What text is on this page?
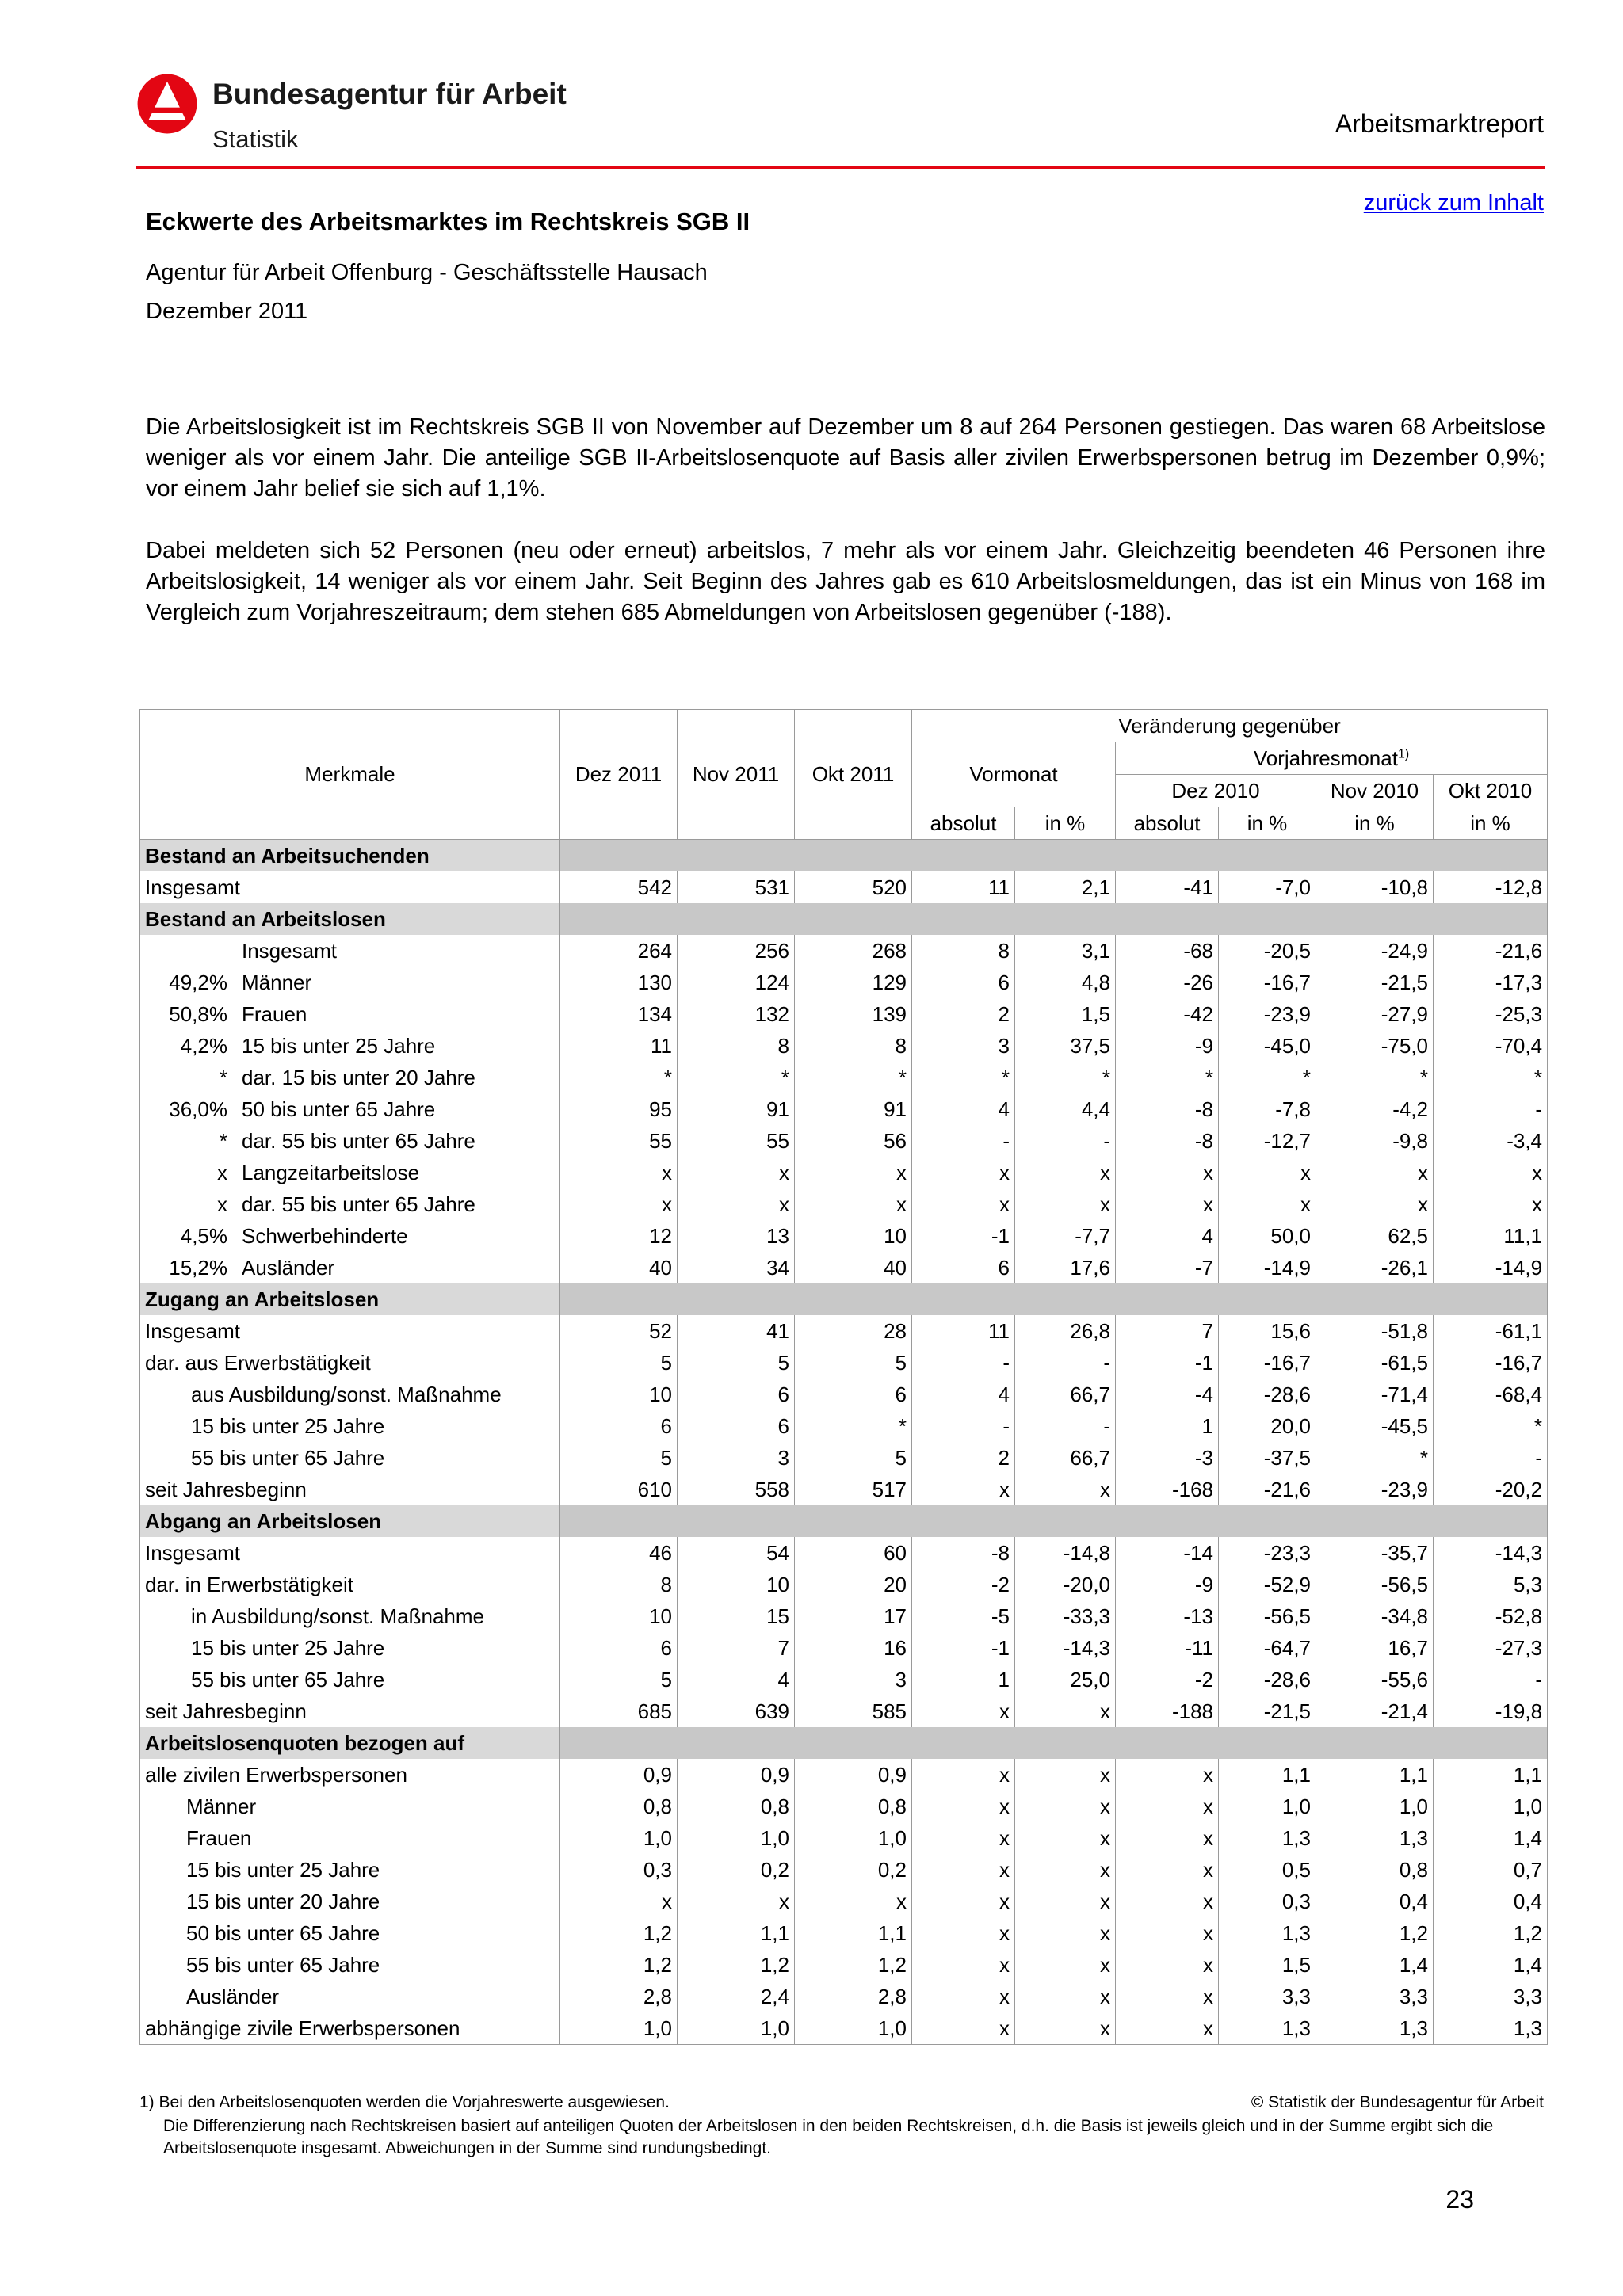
Bundesagentur für Arbeit
Statistik
Arbeitsmarktreport
zurück zum Inhalt
Eckwerte des Arbeitsmarktes im Rechtskreis SGB II
Agentur für Arbeit Offenburg - Geschäftsstelle Hausach
Dezember 2011

Die Arbeitslosigkeit ist im Rechtskreis SGB II von November auf Dezember um 8 auf 264 Personen gestiegen. Das waren 68 Arbeitslose weniger als vor einem Jahr. Die anteilige SGB II-Arbeitslosenquote auf Basis aller zivilen Erwerbspersonen betrug im Dezember 0,9%; vor einem Jahr belief sie sich auf 1,1%.

Dabei meldeten sich 52 Personen (neu oder erneut) arbeitslos, 7 mehr als vor einem Jahr. Gleichzeitig beendeten 46 Personen ihre Arbeitslosigkeit, 14 weniger als vor einem Jahr. Seit Beginn des Jahres gab es 610 Arbeitslosmeldungen, das ist ein Minus von 168 im Vergleich zum Vorjahreszeitraum; dem stehen 685 Abmeldungen von Arbeitslosen gegenüber (-188).

Merkmale	Dez 2011	Nov 2011	Okt 2011	Veränderung gegenüber					
				Vormonat		Vorjahresmonat$^{1)}$
						Dez 2010		Nov 2010	Okt 2010
				absolut	in %	absolut	in %	in %	in %
Bestand an Arbeitsuchenden									

Insgesamt	542	531	520	11	2,1	-41	-7,0	-10,8	-12,8
Bestand an Arbeitslosen									

Insgesamt	264	256	268	8	3,1	-68	-20,5	-24,9	-21,6

49,2% Männer	130	124	129	6	4,8	-26	-16,7	-21,5	-17,3

50,8% Frauen	134	132	139	2	1,5	-42	-23,9	-27,9	-25,3

4,2% 15 bis unter 25 Jahre	11	8	8	3	37,5	-9	-45,0	-75,0	-70,4

* dar. 15 bis unter 20 Jahre	*	*	*	*	*	*	*	*	*

36,0% 50 bis unter 65 Jahre	95	91	91	4	4,4	-8	-7,8	-4,2	-

* dar. 55 bis unter 65 Jahre	55	55	56	-	-	-8	-12,7	-9,8	-3,4

x Langzeitarbeitslose	x	x	x	x	x	x	x	x	x

x dar. 55 bis unter 65 Jahre	x	x	x	x	x	x	x	x	x

4,5% Schwerbehinderte	12	13	10	-1	-7,7	4	50,0	62,5	11,1

15,2% Ausländer	40	34	40	6	17,6	-7	-14,9	-26,1	-14,9
Zugang an Arbeitslosen									

Insgesamt	52	41	28	11	26,8	7	15,6	-51,8	-61,1

dar. aus Erwerbstätigkeit	5	5	5	-	-	-1	-16,7	-61,5	-16,7

aus Ausbildung/sonst. Maßnahme	10	6	6	4	66,7	-4	-28,6	-71,4	-68,4

15 bis unter 25 Jahre	6	6	*	-	-	1	20,0	-45,5	*

55 bis unter 65 Jahre	5	3	5	2	66,7	-3	-37,5	*	-

seit Jahresbeginn	610	558	517	x	x	-168	-21,6	-23,9	-20,2
Abgang an Arbeitslosen									

Insgesamt	46	54	60	-8	-14,8	-14	-23,3	-35,7	-14,3

dar. in Erwerbstätigkeit	8	10	20	-2	-20,0	-9	-52,9	-56,5	5,3

in Ausbildung/sonst. Maßnahme	10	15	17	-5	-33,3	-13	-56,5	-34,8	-52,8

15 bis unter 25 Jahre	6	7	16	-1	-14,3	-11	-64,7	16,7	-27,3

55 bis unter 65 Jahre	5	4	3	1	25,0	-2	-28,6	-55,6	-

seit Jahresbeginn	685	639	585	x	x	-188	-21,5	-21,4	-19,8
Arbeitslosenquoten bezogen auf									

alle zivilen Erwerbspersonen	0,9	0,9	0,9	x	x	x	1,1	1,1	1,1

Männer	0,8	0,8	0,8	x	x	x	1,0	1,0	1,0

Frauen	1,0	1,0	1,0	x	x	x	1,3	1,3	1,4

15 bis unter 25 Jahre	0,3	0,2	0,2	x	x	x	0,5	0,8	0,7

15 bis unter 20 Jahre	x	x	x	x	x	x	0,3	0,4	0,4

50 bis unter 65 Jahre	1,2	1,1	1,1	x	x	x	1,3	1,2	1,2

55 bis unter 65 Jahre	1,2	1,2	1,2	x	x	x	1,5	1,4	1,4

Ausländer	2,8	2,4	2,8	x	x	x	3,3	3,3	3,3

abhängige zivile Erwerbspersonen	1,0	1,0	1,0	x	x	x	1,3	1,3	1,3
1) Bei den Arbeitslosenquoten werden die Vorjahreswerte ausgewiesen.	© Statistik der Bundesagentur für Arbeit
Die Differenzierung nach Rechtskreisen basiert auf anteiligen Quoten der Arbeitslosen in den beiden Rechtskreisen, d.h. die Basis ist jeweils gleich und in der Summe ergibt sich die Arbeitslosenquote insgesamt. Abweichungen in der Summe sind rundungsbedingt.
23
